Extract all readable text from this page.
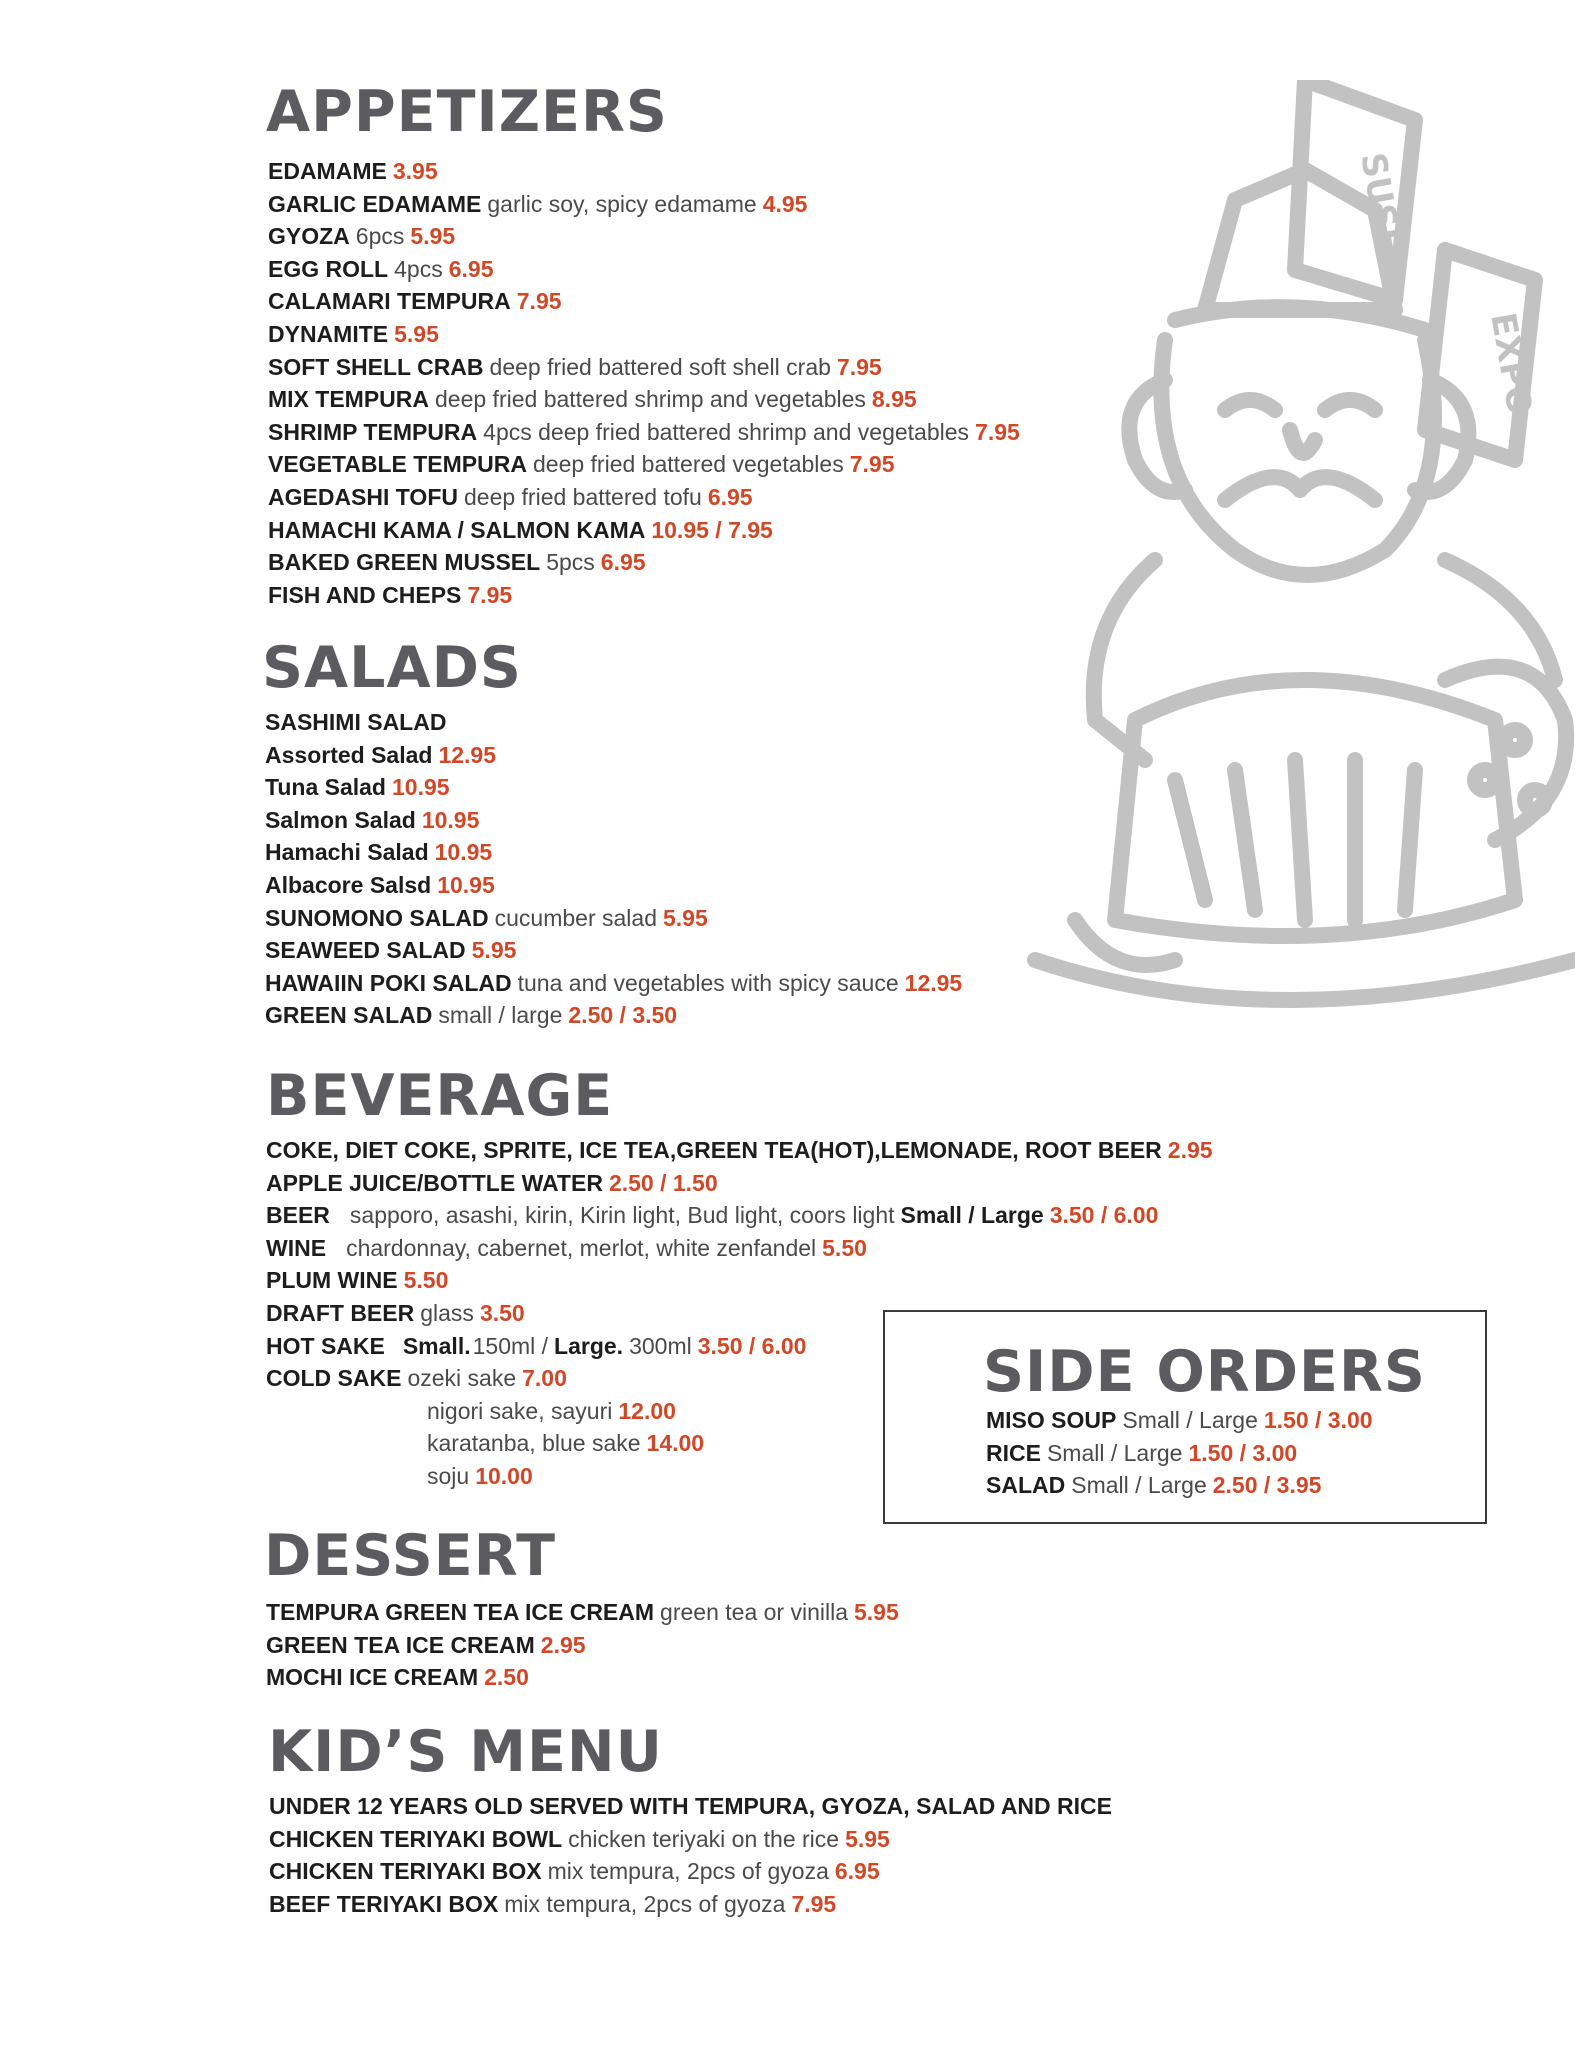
SUSHI
EXPO
APPETIZERS
EDAMAME 3.95
GARLIC EDAMAME garlic soy, spicy edamame 4.95
GYOZA 6pcs 5.95
EGG ROLL 4pcs 6.95
CALAMARI TEMPURA 7.95
DYNAMITE 5.95
SOFT SHELL CRAB deep fried battered soft shell crab 7.95
MIX TEMPURA deep fried battered shrimp and vegetables 8.95
SHRIMP TEMPURA 4pcs deep fried battered shrimp and vegetables 7.95
VEGETABLE TEMPURA deep fried battered vegetables 7.95
AGEDASHI TOFU deep fried battered tofu 6.95
HAMACHI KAMA / SALMON KAMA 10.95 / 7.95
BAKED GREEN MUSSEL 5pcs 6.95
FISH AND CHEPS 7.95
SALADS
SASHIMI SALAD
Assorted Salad 12.95
Tuna Salad 10.95
Salmon Salad 10.95
Hamachi Salad 10.95
Albacore Salsd 10.95
SUNOMONO SALAD cucumber salad 5.95
SEAWEED SALAD 5.95
HAWAIIN POKI SALAD tuna and vegetables with spicy sauce 12.95
GREEN SALAD small / large 2.50 / 3.50
BEVERAGE
COKE, DIET COKE, SPRITE, ICE TEA,GREEN TEA(HOT),LEMONADE, ROOT BEER 2.95
APPLE JUICE/BOTTLE WATER 2.50 / 1.50
BEER sapporo, asashi, kirin, Kirin light, Bud light, coors light Small / Large 3.50 / 6.00
WINE chardonnay, cabernet, merlot, white zenfandel 5.50
PLUM WINE 5.50
DRAFT BEER glass 3.50
HOT SAKE Small.150ml / Large. 300ml 3.50 / 6.00
COLD SAKE ozeki sake 7.00
nigori sake, sayuri 12.00
karatanba, blue sake 14.00
soju 10.00
SIDE ORDERS
MISO SOUP Small / Large 1.50 / 3.00
RICE Small / Large 1.50 / 3.00
SALAD Small / Large 2.50 / 3.95
DESSERT
TEMPURA GREEN TEA ICE CREAM green tea or vinilla 5.95
GREEN TEA ICE CREAM 2.95
MOCHI ICE CREAM 2.50
KID’S MENU
UNDER 12 YEARS OLD SERVED WITH TEMPURA, GYOZA, SALAD AND RICE
CHICKEN TERIYAKI BOWL chicken teriyaki on the rice 5.95
CHICKEN TERIYAKI BOX mix tempura, 2pcs of gyoza 6.95
BEEF TERIYAKI BOX mix tempura, 2pcs of gyoza 7.95
